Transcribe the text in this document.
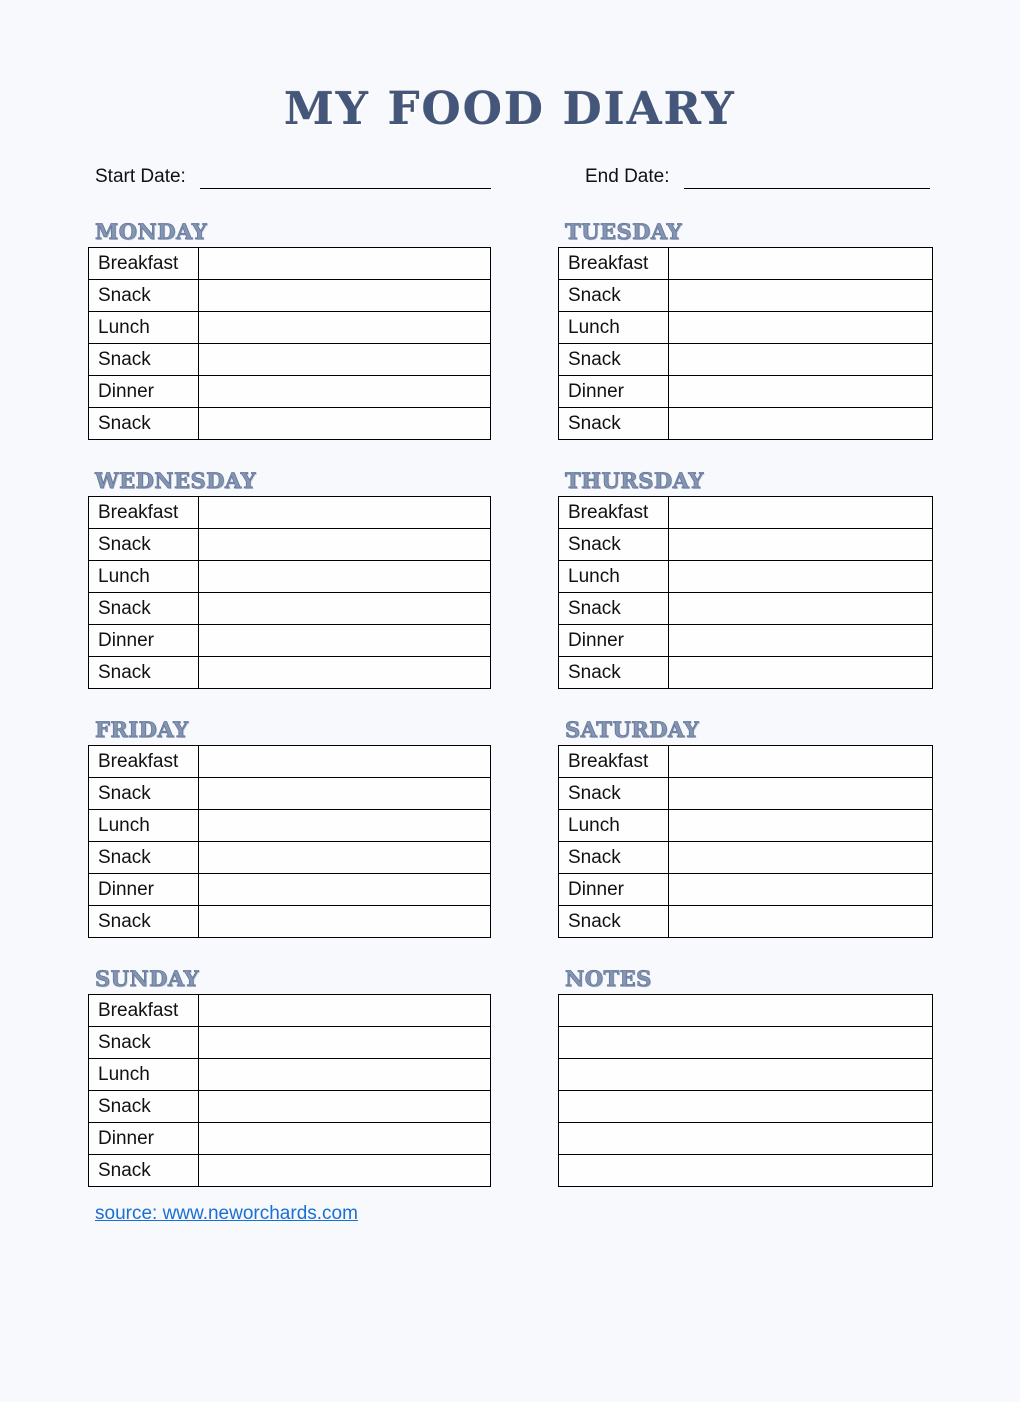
MY FOOD DIARY
Start Date:	End Date:
MONDAY
Breakfast	
Snack	
Lunch	
Snack	
Dinner	
Snack	
TUESDAY
Breakfast	
Snack	
Lunch	
Snack	
Dinner	
Snack	
WEDNESDAY
Breakfast	
Snack	
Lunch	
Snack	
Dinner	
Snack	
THURSDAY
Breakfast	
Snack	
Lunch	
Snack	
Dinner	
Snack	
FRIDAY
Breakfast	
Snack	
Lunch	
Snack	
Dinner	
Snack	
SATURDAY
Breakfast	
Snack	
Lunch	
Snack	
Dinner	
Snack	
SUNDAY
Breakfast	
Snack	
Lunch	
Snack	
Dinner	
Snack	
NOTES

source: www.neworchards.com
